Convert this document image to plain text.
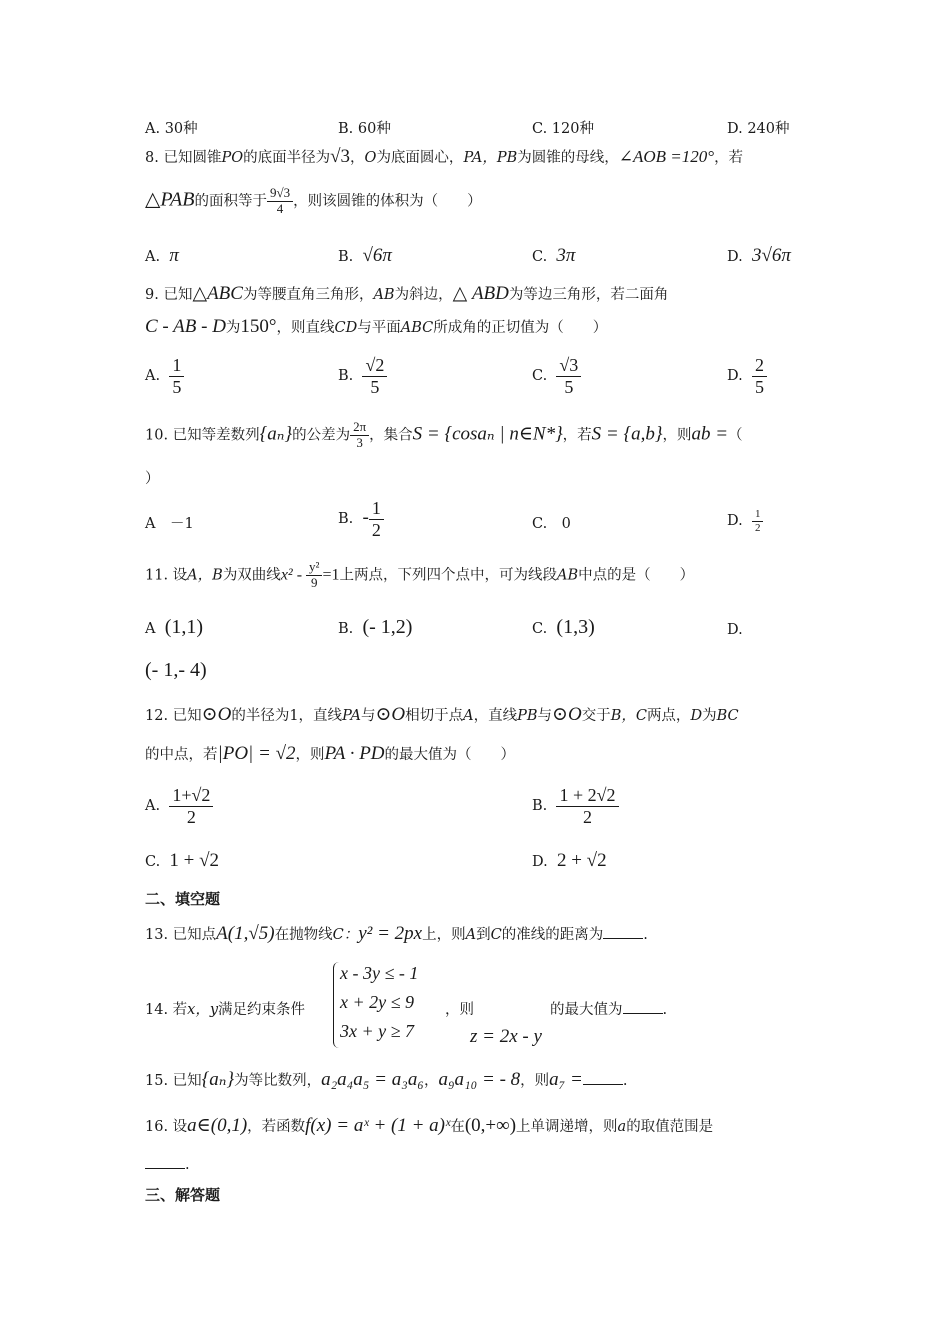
A. 30种	B. 60种	C. 120种	D. 240种
8. 已知圆锥PO的底面半径为√3，O为底面圆心，PA，PB为圆锥的母线，∠AOB =120°，若
△PAB的面积等于 $\frac{9√3}{4}$ ，则该圆锥的体积为（　　）
A. π	B. √6π	C. 3π	D. 3√6π
9. 已知△ABC为等腰直角三角形，AB为斜边，△ ABD为等边三角形，若二面角
C - AB - D为150°，则直线CD与平面ABC所成角的正切值为（　　）
A. $\frac{1}{5}$	B. $\frac{√2}{5}$	C. $\frac{√3}{5}$	D. $\frac{2}{5}$
10. 已知等差数列{aₙ}的公差为 $\frac{2\pi}{3}$ ，集合S = {cosaₙ | n∈N*}，若S = {a,b}，则ab =（
）
A　－1	B. - $\frac{1}{2}$	C.　0	D. $\frac{1}{2}$
11. 设A，B为双曲线$x^2 - \frac{\text{y²}}{9} =1$上两点，下列四个点中，可为线段AB中点的是（　　）
A (1,1)	B. (- 1,2)	C. (1,3)	D.
(- 1,- 4)
12. 已知⊙O的半径为1，直线PA与⊙O相切于点A，直线PB与⊙O交于B，C两点，D为BC
的中点，若|PO| = √2，则PA · PD的最大值为（　　）
A. $\frac{1+√2}{2}$	B. $\frac{1 + 2√2}{2}$
C. 1 + √2	D. 2 + √2
二、填空题
13. 已知点A(1,√5)在抛物线C：y² = 2px上，则A到C的准线的距离为	.
14. 若x，y满足约束条件
x - 3y ≤ - 1
x + 2y ≤ 9
3x + y ≥ 7
，则
z = 2x - y
的最大值为	.
15. 已知{aₙ}为等比数列，a₂a₄a₅ = a₃a₆，a₉a₁₀ = - 8，则a₇ =	.
16. 设a∈(0,1)，若函数f(x) = aˣ + (1 + a)ˣ在(0,+∞)上单调递增，则a的取值范围是
.
三、解答题
